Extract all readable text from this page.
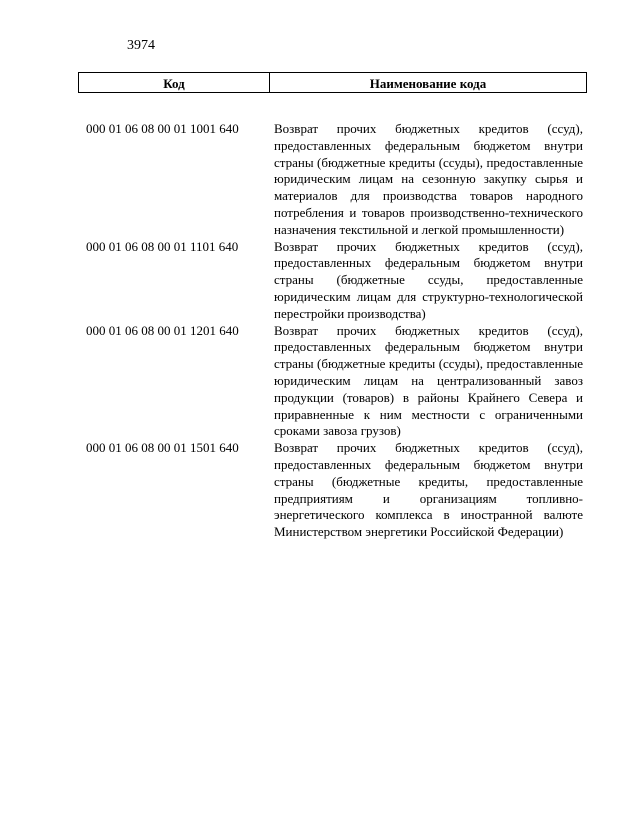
3974
Код	Наименование кода
000 01 06 08 00 01 1001 640	Возврат прочих бюджетных кредитов (ссуд), предоставленных федеральным бюджетом внутри страны (бюджетные кредиты (ссуды), предоставленные юридическим лицам на сезонную закупку сырья и материалов для производства товаров народного потребления и товаров производственно-технического назначения текстильной и легкой промышленности)
000 01 06 08 00 01 1101 640	Возврат прочих бюджетных кредитов (ссуд), предоставленных федеральным бюджетом внутри страны (бюджетные ссуды, предоставленные юридическим лицам для структурно-технологической перестройки производства)
000 01 06 08 00 01 1201 640	Возврат прочих бюджетных кредитов (ссуд), предоставленных федеральным бюджетом внутри страны (бюджетные кредиты (ссуды), предоставленные юридическим лицам на централизованный завоз продукции (товаров) в районы Крайнего Севера и приравненные к ним местности с ограниченными сроками завоза грузов)
000 01 06 08 00 01 1501 640	Возврат прочих бюджетных кредитов (ссуд), предоставленных федеральным бюджетом внутри страны (бюджетные кредиты, предоставленные предприятиям и организациям топливно-энергетического комплекса в иностранной валюте Министерством энергетики Российской Федерации)
